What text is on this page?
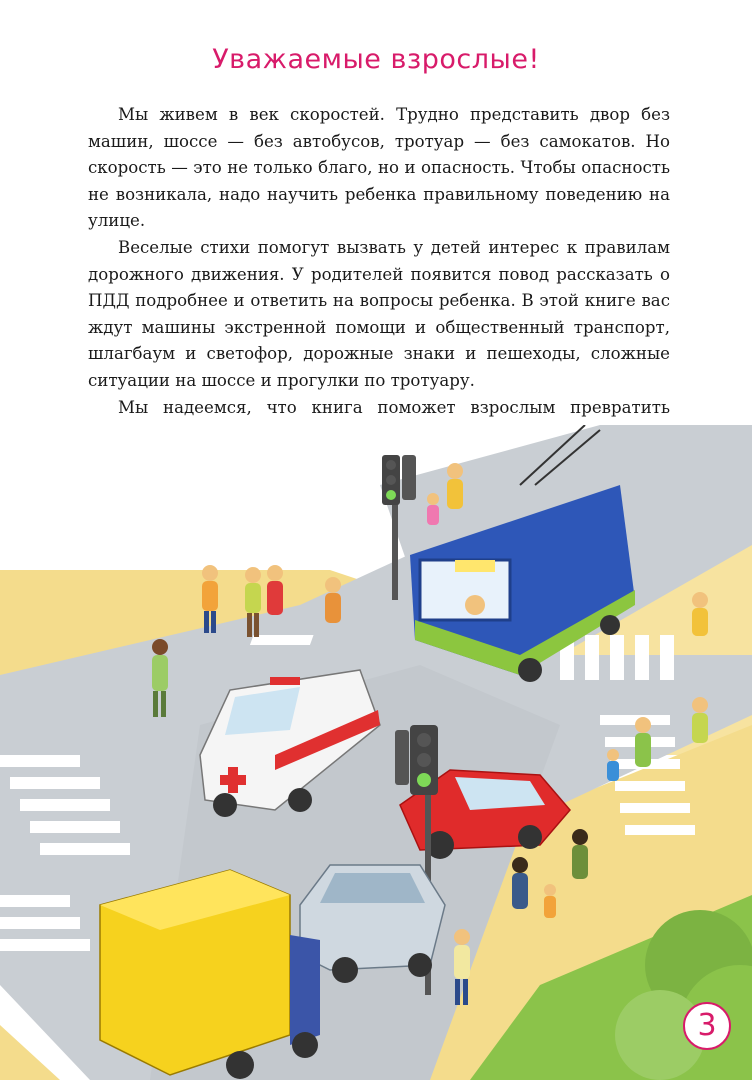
Уважаемые взрослые!

Мы живем в век скоростей. Трудно представить двор без машин, шоссе — без автобусов, тротуар — без самокатов. Но скорость — это не только благо, но и опасность. Чтобы опасность не возникала, надо научить ребенка правильному поведению на улице.

Веселые стихи помогут вызвать у детей интерес к правилам дорожного движения. У родителей появится повод рассказать о ПДД подробнее и ответить на вопросы ребенка. В этой книге вас ждут машины экстренной помощи и общественный транспорт, шлагбаум и светофор, дорожные знаки и пешеходы, сложные ситуации на шоссе и прогулки по тротуару.

Мы надеемся, что книга поможет взрослым превратить

3
